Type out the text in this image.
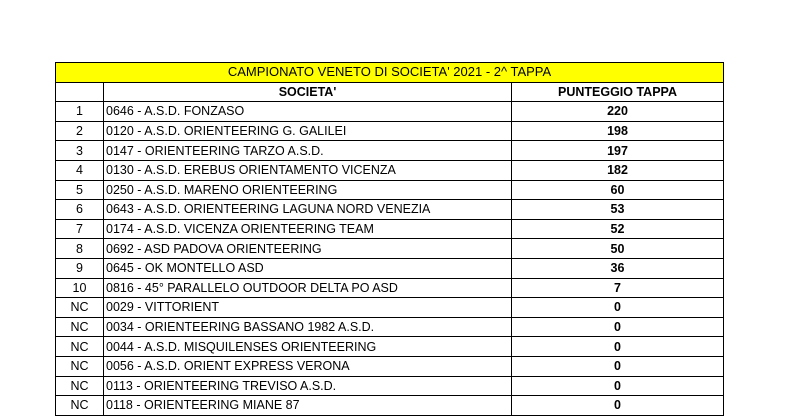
CAMPIONATO VENETO DI SOCIETA' 2021 - 2^ TAPPA		
	SOCIETA'	PUNTEGGIO TAPPA
1	0646 - A.S.D. FONZASO	220
2	0120 - A.S.D. ORIENTEERING G. GALILEI	198
3	0147 - ORIENTEERING TARZO A.S.D.	197
4	0130 - A.S.D. EREBUS ORIENTAMENTO VICENZA	182
5	0250 - A.S.D. MARENO ORIENTEERING	60
6	0643 - A.S.D. ORIENTEERING LAGUNA NORD VENEZIA	53
7	0174 - A.S.D. VICENZA ORIENTEERING TEAM	52
8	0692 - ASD PADOVA ORIENTEERING	50
9	0645 - OK MONTELLO ASD	36
10	0816 - 45° PARALLELO OUTDOOR DELTA PO ASD	7
NC	0029 - VITTORIENT	0
NC	0034 - ORIENTEERING BASSANO 1982 A.S.D.	0
NC	0044 - A.S.D. MISQUILENSES ORIENTEERING	0
NC	0056 - A.S.D. ORIENT EXPRESS VERONA	0
NC	0113 - ORIENTEERING TREVISO A.S.D.	0
NC	0118 - ORIENTEERING MIANE 87	0
